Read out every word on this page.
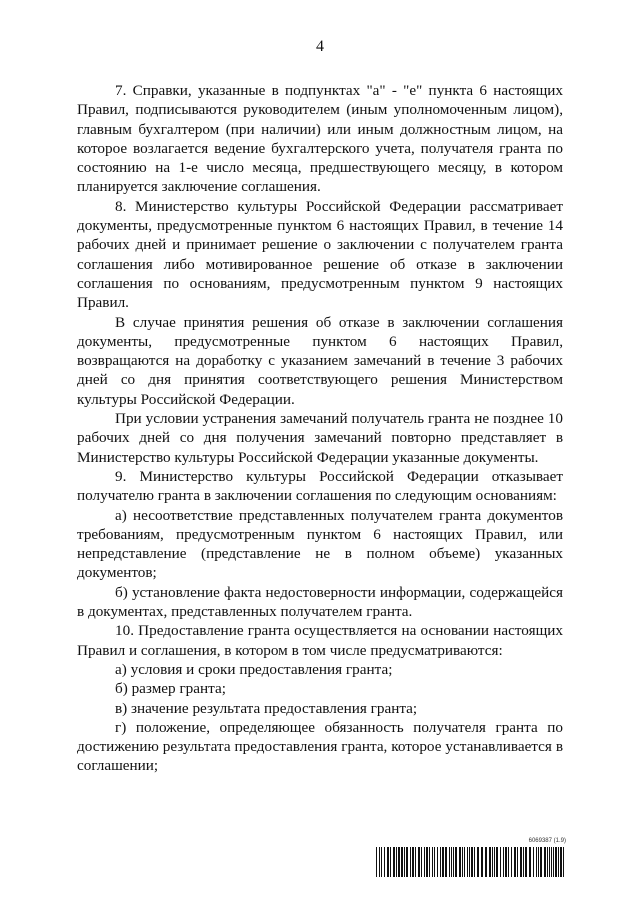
4

7. Справки, указанные в подпунктах "а" - "е" пункта 6 настоящих Правил, подписываются руководителем (иным уполномоченным лицом), главным бухгалтером (при наличии) или иным должностным лицом, на которое возлагается ведение бухгалтерского учета, получателя гранта по состоянию на 1-е число месяца, предшествующего месяцу, в котором планируется заключение соглашения.

8. Министерство культуры Российской Федерации рассматривает документы, предусмотренные пунктом 6 настоящих Правил, в течение 14 рабочих дней и принимает решение о заключении с получателем гранта соглашения либо мотивированное решение об отказе в заключении соглашения по основаниям, предусмотренным пунктом 9 настоящих Правил.

В случае принятия решения об отказе в заключении соглашения документы, предусмотренные пунктом 6 настоящих Правил, возвращаются на доработку с указанием замечаний в течение 3 рабочих дней со дня принятия соответствующего решения Министерством культуры Российской Федерации.

При условии устранения замечаний получатель гранта не позднее 10 рабочих дней со дня получения замечаний повторно представляет в Министерство культуры Российской Федерации указанные документы.

9. Министерство культуры Российской Федерации отказывает получателю гранта в заключении соглашения по следующим основаниям:

а) несоответствие представленных получателем гранта документов требованиям, предусмотренным пунктом 6 настоящих Правил, или непредставление (представление не в полном объеме) указанных документов;

б) установление факта недостоверности информации, содержащейся в документах, представленных получателем гранта.

10. Предоставление гранта осуществляется на основании настоящих Правил и соглашения, в котором в том числе предусматриваются:

а) условия и сроки предоставления гранта;

б) размер гранта;

в) значение результата предоставления гранта;

г) положение, определяющее обязанность получателя гранта по достижению результата предоставления гранта, которое устанавливается в соглашении;

6069387 (1.9)
